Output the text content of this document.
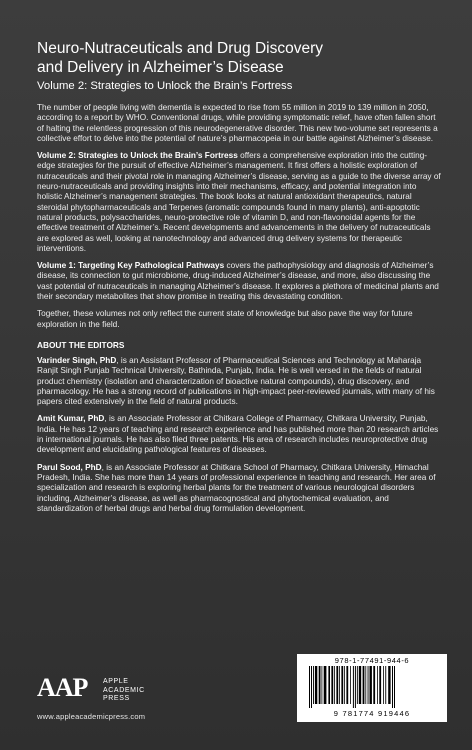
Neuro-Nutraceuticals and Drug Discovery
and Delivery in Alzheimer’s Disease
Volume 2: Strategies to Unlock the Brain’s Fortress

The number of people living with dementia is expected to rise from 55 million in 2019 to 139 million in 2050, according to a report by WHO. Conventional drugs, while providing symptomatic relief, have often fallen short of halting the relentless progression of this neurodegenerative disorder. This new two-volume set represents a collective effort to delve into the potential of nature’s pharmacopeia in our battle against Alzheimer’s disease.

Volume 2: Strategies to Unlock the Brain’s Fortress offers a comprehensive exploration into the cutting-edge strategies for the pursuit of effective Alzheimer’s management. It first offers a holistic exploration of nutraceuticals and their pivotal role in managing Alzheimer’s disease, serving as a guide to the diverse array of neuro-nutraceuticals and providing insights into their mechanisms, efficacy, and potential integration into holistic Alzheimer’s management strategies. The book looks at natural antioxidant therapeutics, natural steroidal phytopharmaceuticals and Terpenes (aromatic compounds found in many plants), anti-apoptotic natural products, polysaccharides, neuro-protective role of vitamin D, and non-flavonoidal agents for the effective treatment of Alzheimer’s. Recent developments and advancements in the delivery of nutraceuticals are explored as well, looking at nanotechnology and advanced drug delivery systems for therapeutic interventions.

Volume 1: Targeting Key Pathological Pathways covers the pathophysiology and diagnosis of Alzheimer’s disease, its connection to gut microbiome, drug-induced Alzheimer’s disease, and more, also discussing the vast potential of nutraceuticals in managing Alzheimer’s disease. It explores a plethora of medicinal plants and their secondary metabolites that show promise in treating this devastating condition.

Together, these volumes not only reflect the current state of knowledge but also pave the way for future exploration in the field.

ABOUT THE EDITORS

Varinder Singh, PhD, is an Assistant Professor of Pharmaceutical Sciences and Technology at Maharaja Ranjit Singh Punjab Technical University, Bathinda, Punjab, India. He is well versed in the fields of natural product chemistry (isolation and characterization of bioactive natural compounds), drug discovery, and pharmacology. He has a strong record of publications in high-impact peer-reviewed journals, with many of his papers cited extensively in the field of natural products.

Amit Kumar, PhD, is an Associate Professor at Chitkara College of Pharmacy, Chitkara University, Punjab, India. He has 12 years of teaching and research experience and has published more than 20 research articles in international journals. He has also filed three patents. His area of research includes neuroprotective drug development and elucidating pathological features of diseases.

Parul Sood, PhD, is an Associate Professor at Chitkara School of Pharmacy, Chitkara University, Himachal Pradesh, India. She has more than 14 years of professional experience in teaching and research. Her area of specialization and research is exploring herbal plants for the treatment of various neurological disorders including, Alzheimer’s disease, as well as pharmacognostical and phytochemical evaluation, and standardization of herbal drugs and herbal drug formulation development.

AAP APPLE
ACADEMIC
PRESS
www.appleacademicpress.com
978-1-77491-944-6
9 781774 919446
